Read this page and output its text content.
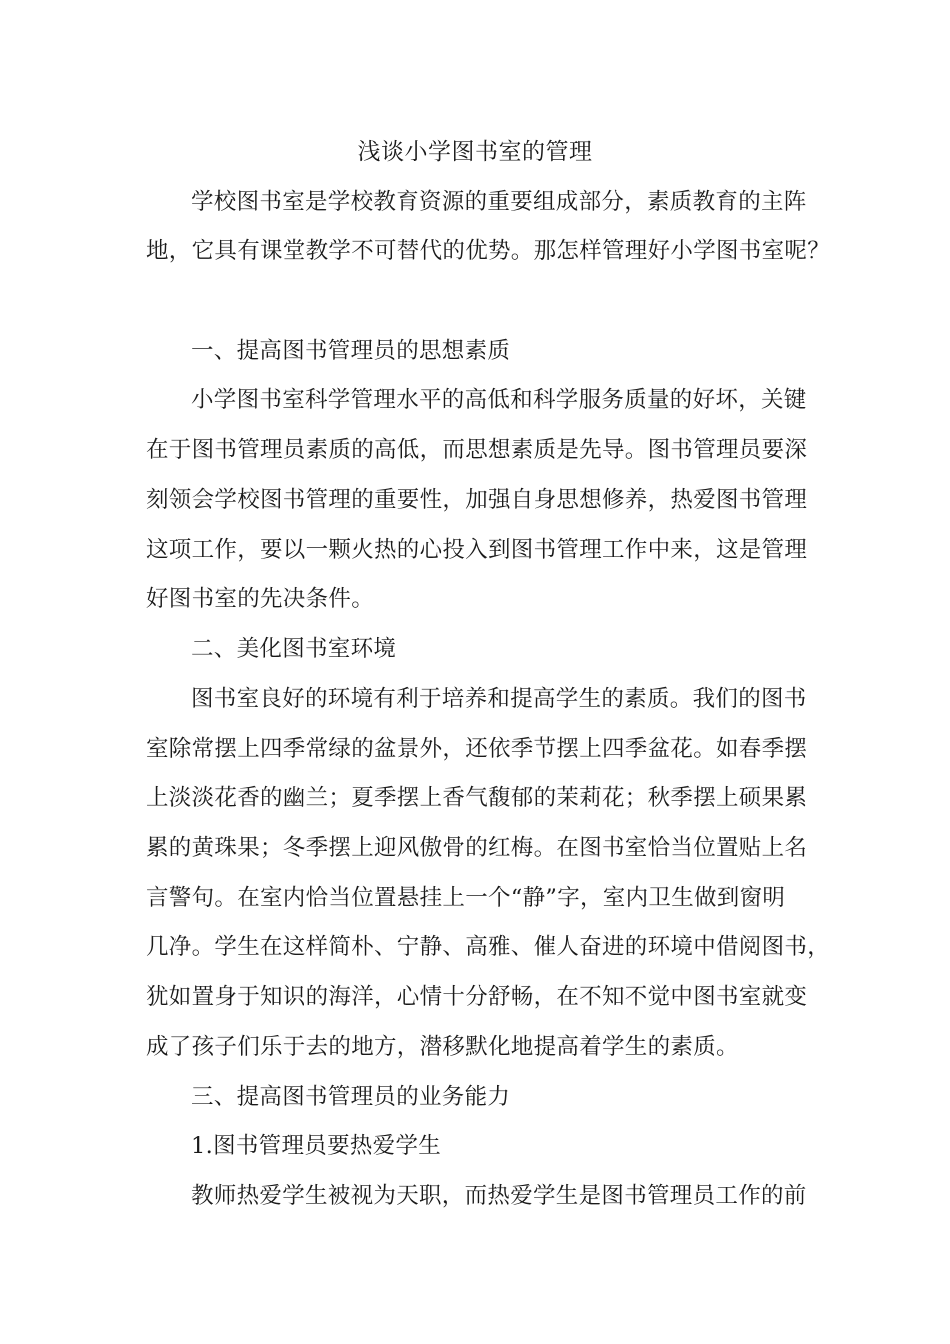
浅谈小学图书室的管理
学校图书室是学校教育资源的重要组成部分，素质教育的主阵
地，它具有课堂教学不可替代的优势。那怎样管理好小学图书室呢？
一、提高图书管理员的思想素质
小学图书室科学管理水平的高低和科学服务质量的好坏，关键
在于图书管理员素质的高低，而思想素质是先导。图书管理员要深
刻领会学校图书管理的重要性，加强自身思想修养，热爱图书管理
这项工作，要以一颗火热的心投入到图书管理工作中来，这是管理
好图书室的先决条件。
二、美化图书室环境
图书室良好的环境有利于培养和提高学生的素质。我们的图书
室除常摆上四季常绿的盆景外，还依季节摆上四季盆花。如春季摆
上淡淡花香的幽兰；夏季摆上香气馥郁的茉莉花；秋季摆上硕果累
累的黄珠果；冬季摆上迎风傲骨的红梅。在图书室恰当位置贴上名
言警句。在室内恰当位置悬挂上一个“静”字，室内卫生做到窗明
几净。学生在这样简朴、宁静、高雅、催人奋进的环境中借阅图书，
犹如置身于知识的海洋，心情十分舒畅，在不知不觉中图书室就变
成了孩子们乐于去的地方，潜移默化地提高着学生的素质。
三、提高图书管理员的业务能力
1.图书管理员要热爱学生
教师热爱学生被视为天职，而热爱学生是图书管理员工作的前
